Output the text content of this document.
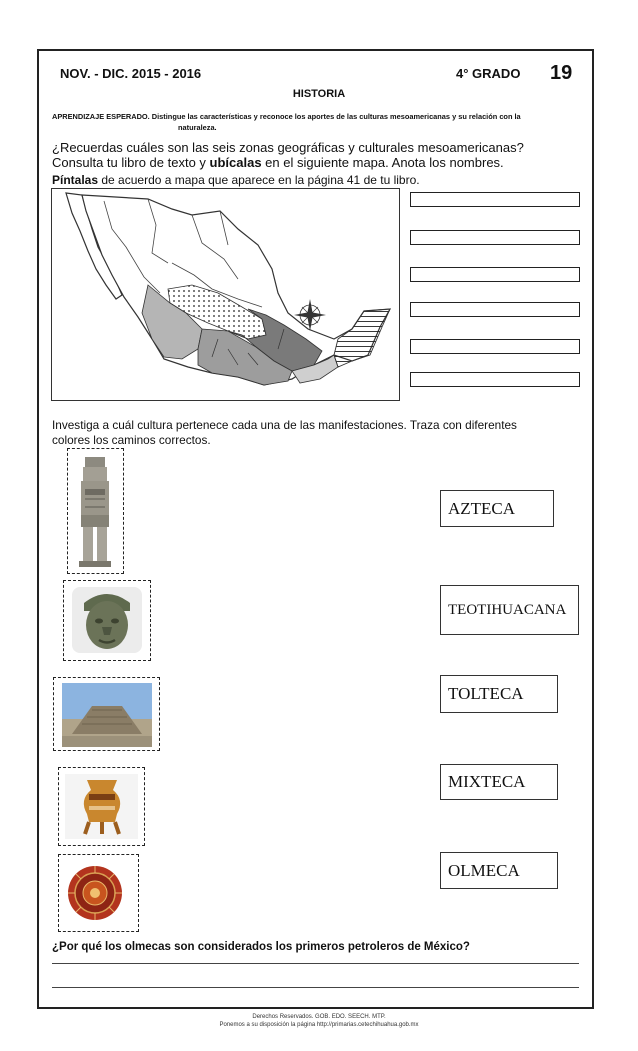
NOV. - DIC. 2015 - 2016	4° GRADO 19
HISTORIA
APRENDIZAJE ESPERADO. Distingue las características y reconoce los aportes de las culturas mesoamericanas y su relación con la
naturaleza.
¿Recuerdas cuáles son las seis zonas geográficas y culturales mesoamericanas?
Consulta tu libro de texto y ubícalas en el siguiente mapa. Anota los nombres.
Píntalas de acuerdo a mapa que aparece en la página 41 de tu libro.
Investiga a cuál cultura pertenece cada una de las manifestaciones. Traza con diferentes
colores los caminos correctos.
AZTECA
TEOTIHUACANA
TOLTECA
MIXTECA
OLMECA
¿Por qué los olmecas son considerados los primeros petroleros de México?
Derechos Reservados. GOB. EDO. SEECH. MTP.
Ponemos a su disposición la página http://primarias.cetechihuahua.gob.mx
